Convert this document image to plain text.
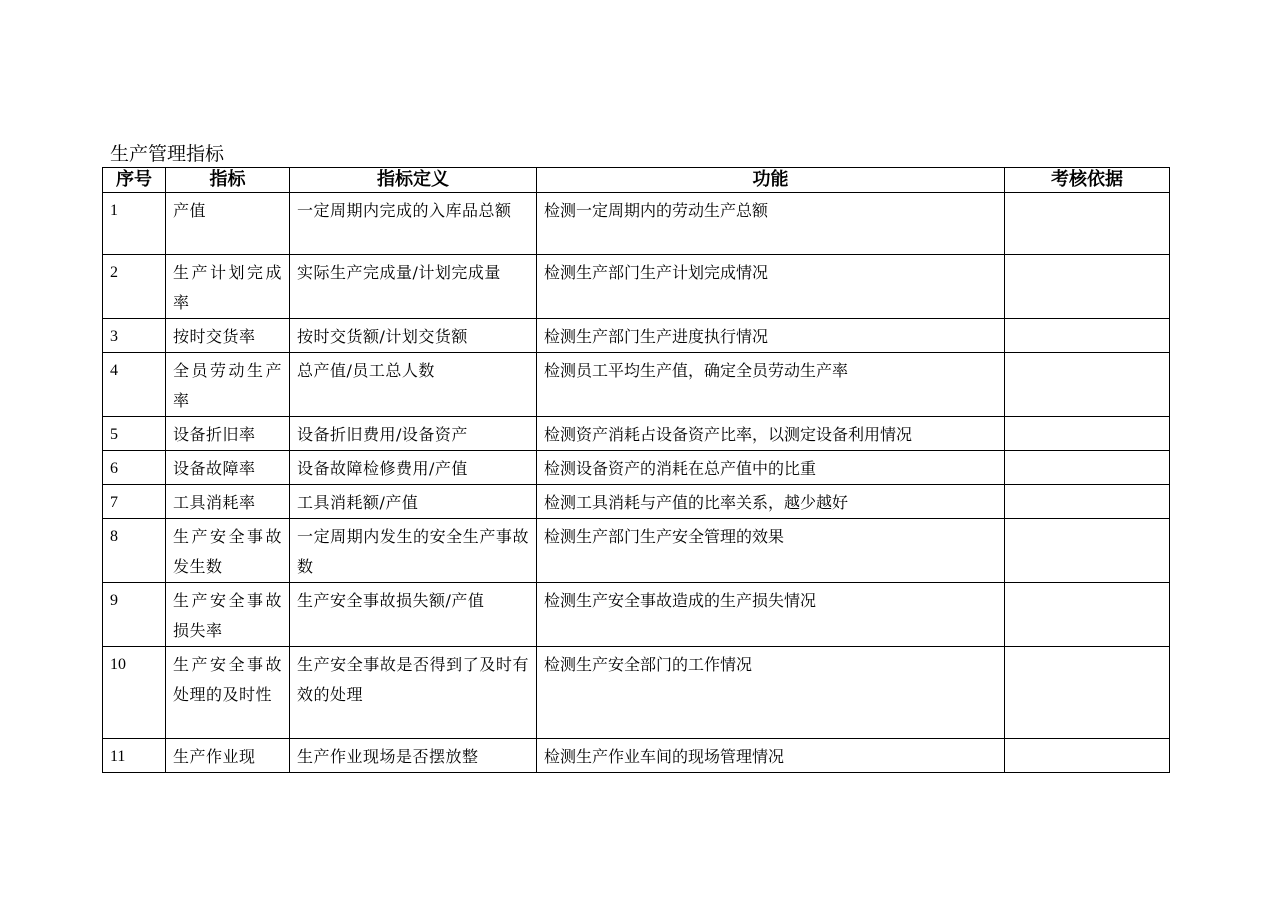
生产管理指标
序号	指标	指标定义	功能	考核依据
1	产值	一定周期内完成的入库品总额	检测一定周期内的劳动生产总额	
2	生产计划完成率	实际生产完成量/计划完成量	检测生产部门生产计划完成情况	
3	按时交货率	按时交货额/计划交货额	检测生产部门生产进度执行情况	
4	全员劳动生产率	总产值/员工总人数	检测员工平均生产值，确定全员劳动生产率	
5	设备折旧率	设备折旧费用/设备资产	检测资产消耗占设备资产比率，以测定设备利用情况	
6	设备故障率	设备故障检修费用/产值	检测设备资产的消耗在总产值中的比重	
7	工具消耗率	工具消耗额/产值	检测工具消耗与产值的比率关系，越少越好	
8	生产安全事故发生数	一定周期内发生的安全生产事故数	检测生产部门生产安全管理的效果	
9	生产安全事故损失率	生产安全事故损失额/产值	检测生产安全事故造成的生产损失情况	
10	生产安全事故处理的及时性	生产安全事故是否得到了及时有效的处理	检测生产安全部门的工作情况	
11	生产作业现	生产作业现场是否摆放整	检测生产作业车间的现场管理情况	
